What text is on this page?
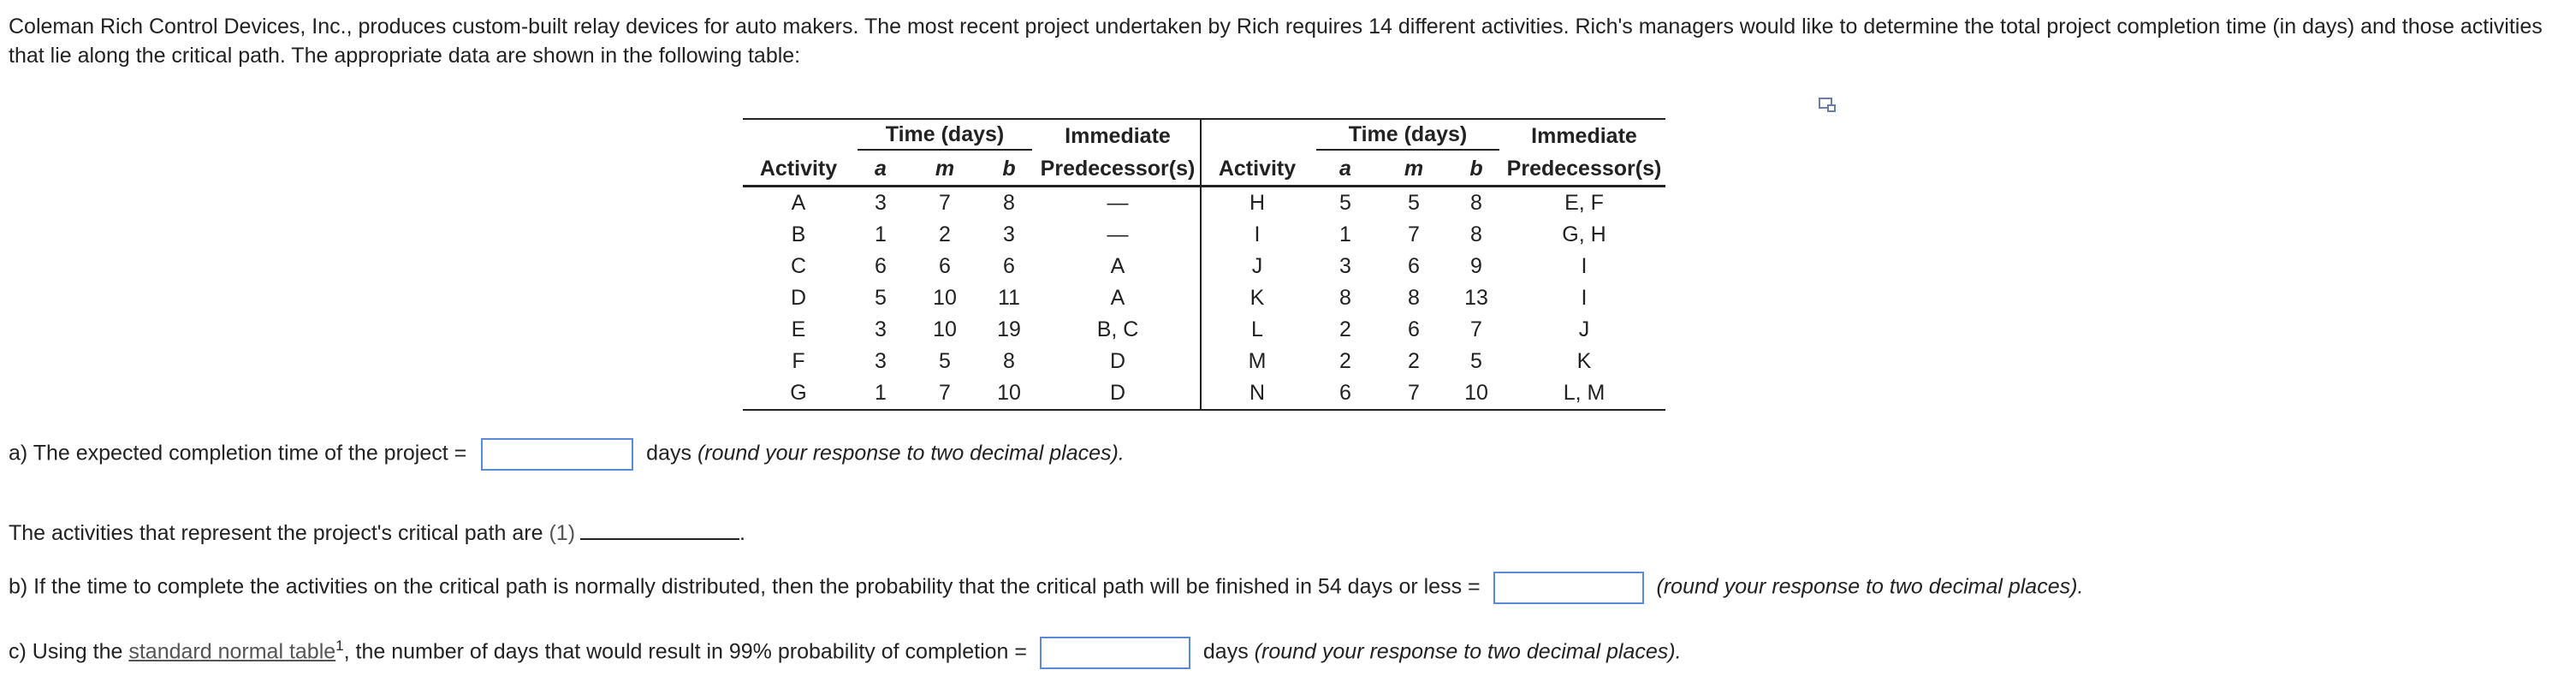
Coleman Rich Control Devices, Inc., produces custom-built relay devices for auto makers. The most recent project undertaken by Rich requires 14 different activities. Rich's managers would like to determine the total project completion time (in days) and those activities that lie along the critical path. The appropriate data are shown in the following table:
	Time (days)			Immediate		Time (days)			Immediate
Activity	a	m	b	Predecessor(s)	Activity	a	m	b	Predecessor(s)
A	3	7	8	—	H	5	5	8	E, F
B	1	2	3	—	I	1	7	8	G, H
C	6	6	6	A	J	3	6	9	I
D	5	10	11	A	K	8	8	13	I
E	3	10	19	B, C	L	2	6	7	J
F	3	5	8	D	M	2	2	5	K
G	1	7	10	D	N	6	7	10	L, M
a) The expected completion time of the project =	days (round your response to two decimal places).
The activities that represent the project's critical path are (1)	.
b) If the time to complete the activities on the critical path is normally distributed, then the probability that the critical path will be finished in 54 days or less =	(round your response to two decimal places).
c) Using the standard normal table$^1$, the number of days that would result in 99% probability of completion =	days (round your response to two decimal places).
